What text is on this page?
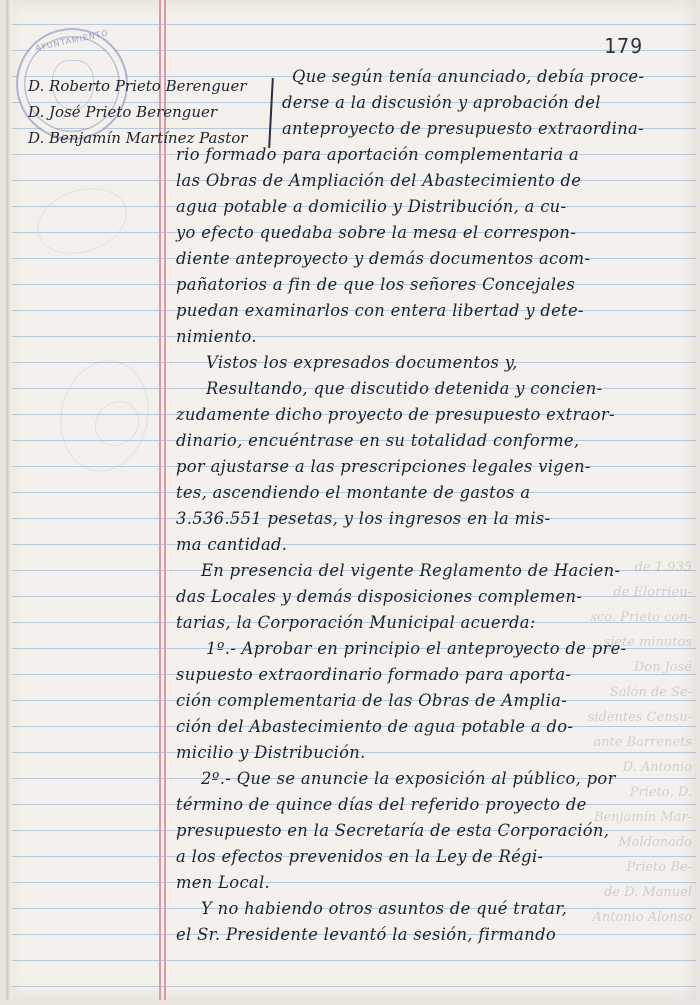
AYUNTAMIENTO	179
D. Roberto Prieto Berenguer
D. José Prieto Berenguer
D. Benjamín Martínez Pastor
Que según tenía anunciado, debía proce-
derse a la discusión y aprobación del
anteproyecto de presupuesto extraordina-
rio formado para aportación complementaria a
las Obras de Ampliación del Abastecimiento de
agua potable a domicilio y Distribución, a cu-
yo efecto quedaba sobre la mesa el correspon-
diente anteproyecto y demás documentos acom-
pañatorios a fin de que los señores Concejales
puedan examinarlos con entera libertad y dete-
nimiento.
Vistos los expresados documentos y,
Resultando, que discutido detenida y concien-
zudamente dicho proyecto de presupuesto extraor-
dinario, encuéntrase en su totalidad conforme,
por ajustarse a las prescripciones legales vigen-
tes, ascendiendo el montante de gastos a
3.536.551 pesetas, y los ingresos en la mis-
ma cantidad.
En presencia del vigente Reglamento de Hacien-
das Locales y demás disposiciones complemen-
tarias, la Corporación Municipal acuerda:
1º.- Aprobar en principio el anteproyecto de pre-
supuesto extraordinario formado para aporta-
ción complementaria de las Obras de Amplia-
ción del Abastecimiento de agua potable a do-
micilio y Distribución.
2º.- Que se anuncie la exposición al público, por
término de quince días del referido proyecto de
presupuesto en la Secretaría de esta Corporación,
a los efectos prevenidos en la Ley de Régi-
men Local.
Y no habiendo otros asuntos de qué tratar,
el Sr. Presidente levantó la sesión, firmando
de 1.935
de Elorrieu-
sco. Prieto con-
siete minutos
Don José
Salón de Se-
sidentes Censu-
ante Barrenets
D. Antonio
Prieto, D.
Benjamín Mar-
Maldonado
Prieto Be-
de D. Manuel
Antonio Alonso
